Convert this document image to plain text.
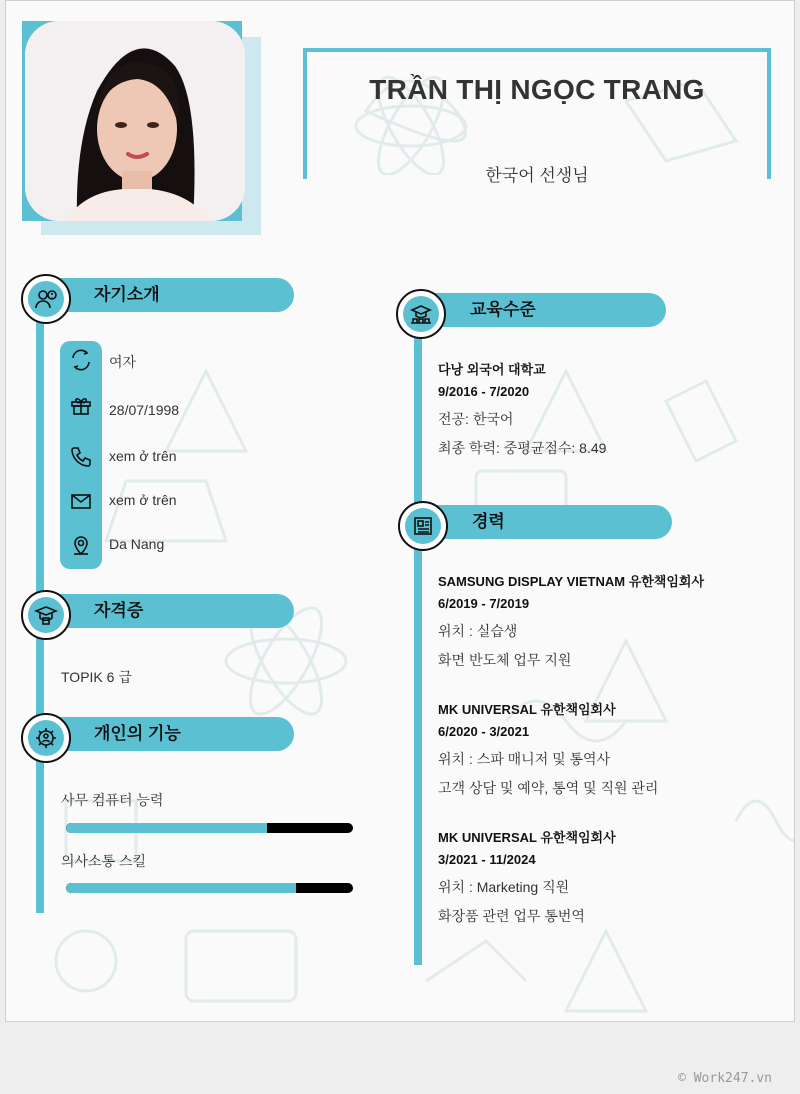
TRẦN THỊ NGỌC TRANG
한국어 선생님
자기소개
여자
28/07/1998
xem ở trên
xem ở trên
Da Nang
자격증
TOPIK 6 급
개인의 기능
사무 컴퓨터 능력
의사소통 스킬
교육수준
다낭 외국어 대학교
9/2016 - 7/2020
전공: 한국어
최종 학력: 중평균점수: 8.49
경력
SAMSUNG DISPLAY VIETNAM 유한책임회사
6/2019 - 7/2019
위치 : 실습생
화면 반도체 업무 지원
MK UNIVERSAL 유한책임회사
6/2020 - 3/2021
위치 : 스파 매니저 및 통역사
고객 상담 및 예약, 통역 및 직원 관리
MK UNIVERSAL 유한책임회사
3/2021 - 11/2024
위치 : Marketing 직원
화장품 관련 업무 통번역
© Work247.vn
